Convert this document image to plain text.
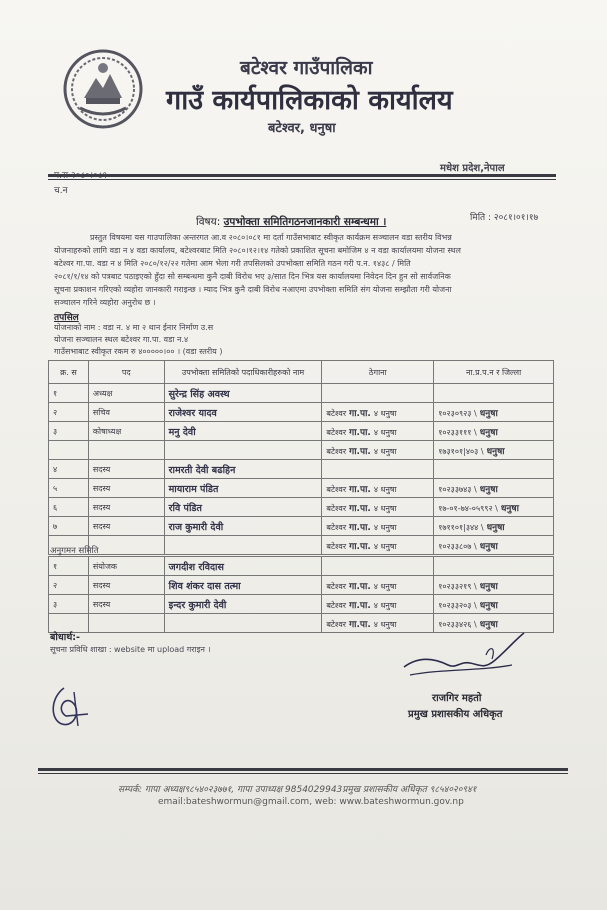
बटेश्वर गाउँपालिका
गाउँ कार्यपालिकाको कार्यालय
बटेश्वर, धनुषा
मधेश प्रदेश,नेपाल
प.स २०८०।०८१
च.न
मिति : २०८१।०१।१७
विषय: उपभोक्ता समितिगठनजानकारी सम्बन्धमा ।
प्रस्तुत विषयमा यस गाउपालिका अन्तरगत आ.व २०८०।०८१ मा दर्ता गाउँसभाबाट स्वीकृत कार्यक्रम सञ्चालन वडा स्तरीय विभन्न
योजनाहरुको लागि वडा न ४ वडा कार्यालय, बटेश्वरबाट मिति २०८०।१२।१४ गतेको प्रकाशित सूचना बमोजिम ४ न वडा कार्यालयमा योजना स्थल
बटेश्वर गा.पा. वडा न ४ मिति २०८०/१२/२२ गतेमा आम भेला गरी तपसिलको उपभोक्ता समिति गठन गरी प.न. १४३८ / मिति
२०८१/१/१४ को पत्रबाट पठाइएको हुँदा सो सम्बन्धमा कुनै दाबी विरोध भए ३/सात दिन भित्र यस कार्यालयमा निवेदन दिन हुन सो सार्वजनिक
सूचना प्रकाशन गरिएको व्यहोरा जानकारी गराइन्छ । म्याद भित्र कुनै दाबी विरोध नआएमा उपभोक्ता समिति संग योजना सम्झौता गरी योजना
सञ्चालन गरिने व्यहोरा अनुरोध छ ।
तपसिल
योजनाको नाम : वडा न. ४ मा २ थान ईनार निर्माण उ.स
योजना सञ्चालन स्थल बटेश्वर गा.पा. वडा न.४
गाउँसभाबाट स्वीकृत रकम रु ४०००००।०० । (वडा स्तरीय )
क्र. स	पद	उपभोक्ता समितिको पदाधिकारीहरुको नाम	ठेगाना	ना.प्र.प.न र जिल्ला
१	अध्यक्ष	सुरेन्द्र सिंह अवस्थ		
२	सचिव	राजेश्वर यादव	बटेश्वर गा.पा. ४ धनुषा	१०२३०९२३ \ धनुषा
३	कोषाध्यक्ष	मनु देवी	बटेश्वर गा.पा. ४ धनुषा	१०२३३१११ \ धनुषा
			बटेश्वर गा.पा. ४ धनुषा	१७३१०१|४०३ \ धनुषा
४	सदस्य	रामरती देवी बढहिन		
५	सदस्य	मायाराम पंडित	बटेश्वर गा.पा. ४ धनुषा	१०२३३७४३ \ धनुषा
६	सदस्य	रवि पंडित	बटेश्वर गा.पा. ४ धनुषा	१७-०१-७४-०५९९२ \ धनुषा
७	सदस्य	राज कुमारी देवी	बटेश्वर गा.पा. ४ धनुषा	१७११०१|३४४ \ धनुषा
			बटेश्वर गा.पा. ४ धनुषा	१०२३३८०७ \ धनुषा
अनुगमन समिति
१	संयोजक	जगदीश रविदास		
२	सदस्य	शिव शंकर दास तत्मा	बटेश्वर गा.पा. ४ धनुषा	१०२३३२१९ \ धनुषा
३	सदस्य	इन्दर कुमारी देवी	बटेश्वर गा.पा. ४ धनुषा	१०२३३२०३ \ धनुषा
			बटेश्वर गा.पा. ४ धनुषा	१०२३३४२६ \ धनुषा
बोधार्थ:-
सूचना प्रविधि शाखा : website मा upload गराइन ।
राजगिर महतो
प्रमुख प्रशासकीय अधिकृत
सम्पर्क: गापा अध्यक्ष९८५४०२३७७१, गापा उपाध्यक्ष 9854029943प्रमुख प्रशासकीय अधिकृत ९८५४०२०९४१
email:bateshwormun@gmail.com, web: www.bateshwormun.gov.np
